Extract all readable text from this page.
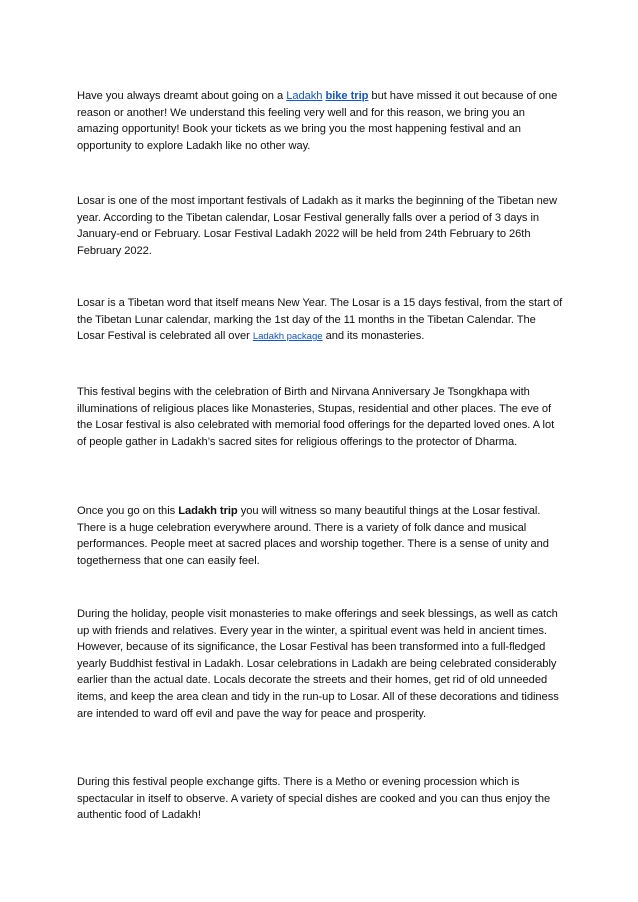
Have you always dreamt about going on a Ladakh bike trip but have missed it out because of one reason or another! We understand this feeling very well and for this reason, we bring you an amazing opportunity! Book your tickets as we bring you the most happening festival and an opportunity to explore Ladakh like no other way.

Losar is one of the most important festivals of Ladakh as it marks the beginning of the Tibetan new year. According to the Tibetan calendar, Losar Festival generally falls over a period of 3 days in January-end or February. Losar Festival Ladakh 2022 will be held from 24th February to 26th February 2022.

Losar is a Tibetan word that itself means New Year. The Losar is a 15 days festival, from the start of the Tibetan Lunar calendar, marking the 1st day of the 11 months in the Tibetan Calendar. The Losar Festival is celebrated all over Ladakh package and its monasteries.

This festival begins with the celebration of Birth and Nirvana Anniversary Je Tsongkhapa with illuminations of religious places like Monasteries, Stupas, residential and other places. The eve of the Losar festival is also celebrated with memorial food offerings for the departed loved ones. A lot of people gather in Ladakh’s sacred sites for religious offerings to the protector of Dharma.

Once you go on this Ladakh trip you will witness so many beautiful things at the Losar festival. There is a huge celebration everywhere around. There is a variety of folk dance and musical performances. People meet at sacred places and worship together. There is a sense of unity and togetherness that one can easily feel.

During the holiday, people visit monasteries to make offerings and seek blessings, as well as catch up with friends and relatives. Every year in the winter, a spiritual event was held in ancient times. However, because of its significance, the Losar Festival has been transformed into a full-fledged yearly Buddhist festival in Ladakh. Losar celebrations in Ladakh are being celebrated considerably earlier than the actual date. Locals decorate the streets and their homes, get rid of old unneeded items, and keep the area clean and tidy in the run-up to Losar. All of these decorations and tidiness are intended to ward off evil and pave the way for peace and prosperity.

During this festival people exchange gifts. There is a Metho or evening procession which is spectacular in itself to observe. A variety of special dishes are cooked and you can thus enjoy the authentic food of Ladakh!
